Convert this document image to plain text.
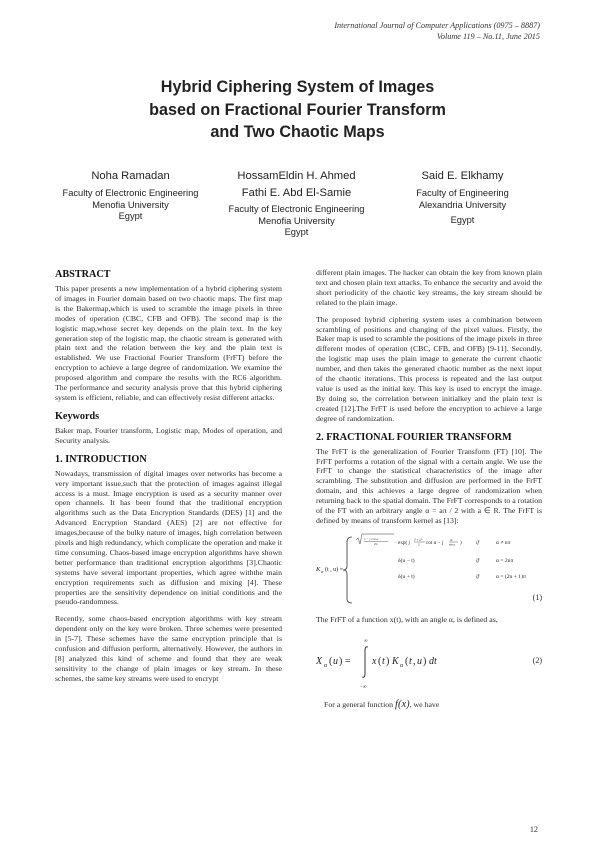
International Journal of Computer Applications (0975 – 8887)
Volume 119 – No.11, June 2015
Hybrid Ciphering System of Images
based on Fractional Fourier Transform
and Two Chaotic Maps
Noha Ramadan
Faculty of Electronic Engineering
Menofia University
Egypt
HossamEldin H. Ahmed
Fathi E. Abd El-Samie
Faculty of Electronic Engineering
Menofia University
Egypt
Said E. Elkhamy
Faculty of Engineering
Alexandria University
Egypt
ABSTRACT

This paper presents a new implementation of a hybrid ciphering system of images in Fourier domain based on two chaotic maps. The first map is the Bakermap,which is used to scramble the image pixels in three modes of operation (CBC, CFB and OFB). The second map is the logistic map,whose secret key depends on the plain text. In the key generation step of the logistic map, the chaotic stream is generated with plain text and the relation between the key and the plain text is established. We use Fractional Fourier Transform (FrFT) before the encryption to achieve a large degree of randomization. We examine the proposed algorithm and compare the results with the RC6 algorithm. The performance and security analysis prove that this hybrid ciphering system is efficient, reliable, and can effectively resist different attacks.

Keywords

Baker map, Fourier transform, Logistic map, Modes of operation, and Security analysis.

1. INTRODUCTION

Nowadays, transmission of digital images over networks has become a very important issue,such that the protection of images against illegal access is a must. Image encryption is used as a security manner over open channels. It has been found that the traditional encryption algorithms such as the Data Encryption Standards (DES) [1] and the Advanced Encryption Standard (AES) [2] are not effective for images,because of the bulky nature of images, high correlation between pixels and high redundancy, which complicate the operation and make it time consuming. Chaos-based image encryption algorithms have shown better performance than traditional encryption algorithms [3].Chaotic systems have several important properties, which agree withthe main encryption requirements such as diffusion and mixing [4]. These properties are the sensitivity dependence on initial conditions and the pseudo-randomness.

Recently, some chaos-based encryption algorithms with key stream dependent only on the key were broken. Three schemes were presented in [5-7]. These schemes have the same encryption principle that is confusion and diffusion perform, alternatively. However, the authors in [8] analyzed this kind of scheme and found that they are weak sensitivity to the change of plain images or key stream. In these schemes, the same key streams were used to encrypt

different plain images. The hacker can obtain the key from known plain text and chosen plain text attacks. To enhance the security and avoid the short periodicity of the chaotic key streams, the key stream should be related to the plain image.

The proposed hybrid ciphering system uses a combination between scrambling of positions and changing of the pixel values. Firstly, the Baker map is used to scramble the positions of the image pixels in three different modes of operation (CBC, CFB, and OFB) [9-11]. Secondly, the logistic map uses the plain image to generate the current chaotic number, and then takes the generated chaotic number as the next input of the chaotic iterations. This process is repeated and the last output value is used as the initial key. This key is used to encrypt the image. By doing so, the correlation between initialkey and the plain text is created [12].The FrFT is used before the encryption to achieve a large degree of randomization.

2. FRACTIONAL FOURIER TRANSFORM

The FrFT is the generalization of Fourier Transform (FT) [10]. The FrFT performs a rotation of the signal with a certain angle. We use the FrFT to change the statistical characteristics of the image after scrambling. The substitution and diffusion are performed in the FrFT domain, and this achieves a large degree of randomization when returning back to the spatial domain. The FrFT corresponds to a rotation of the FT with an arbitrary angle α = aπ / 2 with a ∈ R. The FrFT is defined by means of transform kernel as [13]:

K α (t , u) =
1 − j cot α
2π	· exp( j t² + u²
2 cot α − j ut
sin α )	if	α ≠ nπ
δ(u − t)	if	α = 2nπ
δ(u + t)	if	α = (2n + 1)π
(1)

The FrFT of a function x(t), with an angle α, is defined as,

X α ( u ) =
∞
−∞
x ( t ) K α ( t , u ) dt	(2)

For a general function f(x), we have

12
